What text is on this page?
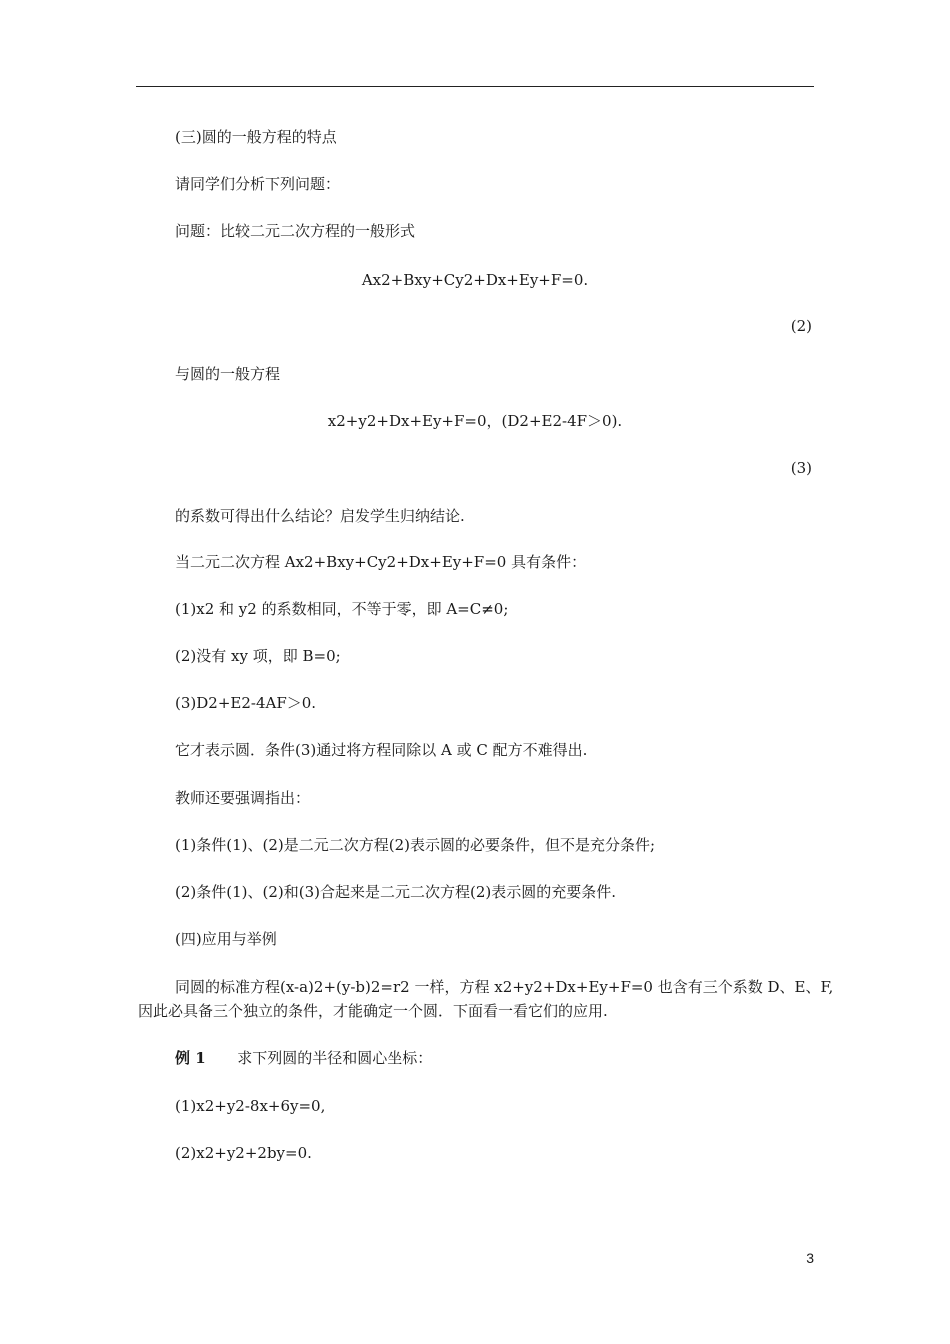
(三)圆的一般方程的特点
请同学们分析下列问题：
问题：比较二元二次方程的一般形式
Ax2+Bxy+Cy2+Dx+Ey+F=0.
(2)
与圆的一般方程
x2+y2+Dx+Ey+F=0，(D2+E2-4F＞0).
(3)
的系数可得出什么结论？启发学生归纳结论.
当二元二次方程 Ax2+Bxy+Cy2+Dx+Ey+F=0 具有条件：
(1)x2 和 y2 的系数相同，不等于零，即 A=C≠0;
(2)没有 xy 项，即 B=0;
(3)D2+E2-4AF＞0.
它才表示圆．条件(3)通过将方程同除以 A 或 C 配方不难得出.
教师还要强调指出：
(1)条件(1)、(2)是二元二次方程(2)表示圆的必要条件，但不是充分条件;
(2)条件(1)、(2)和(3)合起来是二元二次方程(2)表示圆的充要条件.
(四)应用与举例
同圆的标准方程(x-a)2+(y-b)2=r2 一样，方程 x2+y2+Dx+Ey+F=0 也含有三个系数 D、E、F,
因此必具备三个独立的条件，才能确定一个圆．下面看一看它们的应用.
例 1 求下列圆的半径和圆心坐标：
(1)x2+y2-8x+6y=0,
(2)x2+y2+2by=0.
3
